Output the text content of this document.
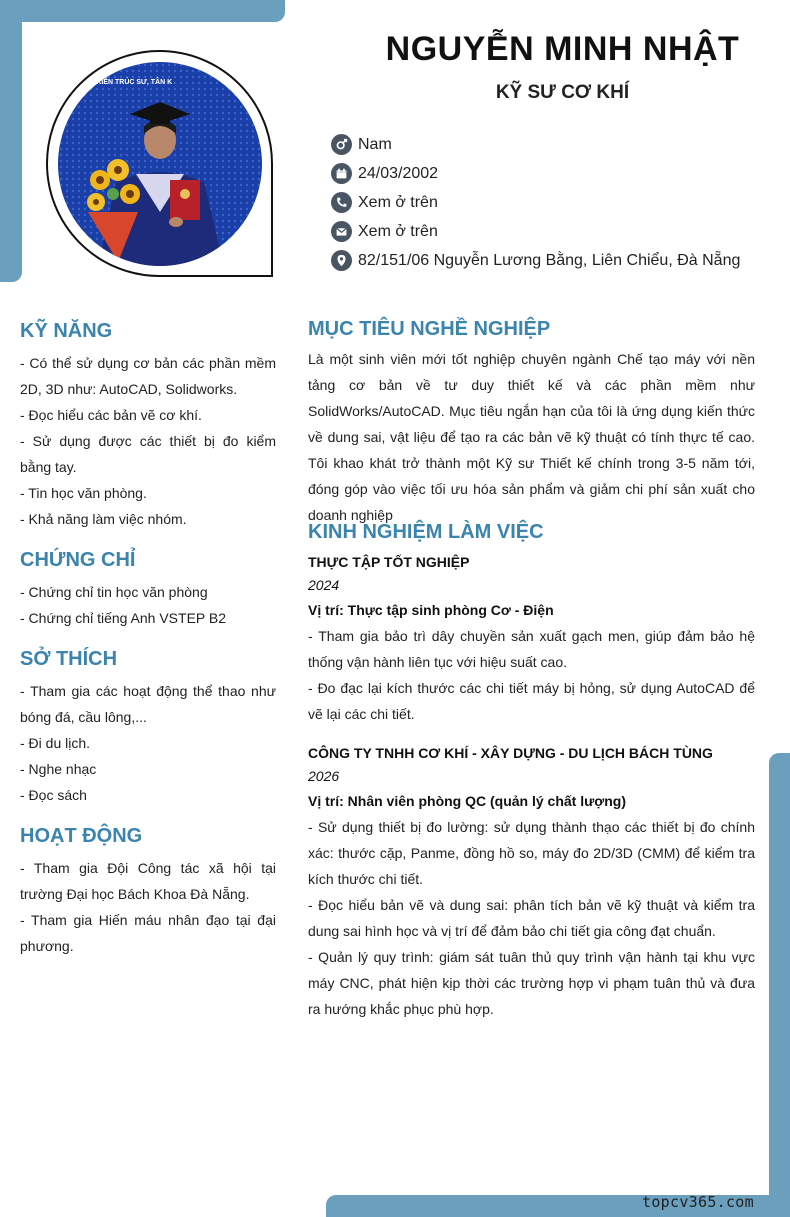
TÂN KIẾN TRÚC SƯ, TÂN K
NGUYỄN MINH NHẬT
KỸ SƯ CƠ KHÍ
Nam
24/03/2002
Xem ở trên
Xem ở trên
82/151/06 Nguyễn Lương Bằng, Liên Chiểu, Đà Nẵng
KỸ NĂNG

- Có thể sử dụng cơ bản các phần mềm 2D, 3D như: AutoCAD, Solidworks.

- Đọc hiểu các bản vẽ cơ khí.

- Sử dụng được các thiết bị đo kiểm bằng tay.

- Tin học văn phòng.

- Khả năng làm việc nhóm.

CHỨNG CHỈ

- Chứng chỉ tin học văn phòng

- Chứng chỉ tiếng Anh VSTEP B2

SỞ THÍCH

- Tham gia các hoạt động thể thao như bóng đá, cầu lông,...

- Đi du lịch.

- Nghe nhạc

- Đọc sách

HOẠT ĐỘNG

- Tham gia Đội Công tác xã hội tại trường Đại học Bách Khoa Đà Nẵng.

- Tham gia Hiến máu nhân đạo tại đại phương.

MỤC TIÊU NGHỀ NGHIỆP

Là một sinh viên mới tốt nghiệp chuyên ngành Chế tạo máy với nền tảng cơ bản về tư duy thiết kế và các phần mềm như SolidWorks/AutoCAD. Mục tiêu ngắn hạn của tôi là ứng dụng kiến thức về dung sai, vật liệu để tạo ra các bản vẽ kỹ thuật có tính thực tế cao. Tôi khao khát trở thành một Kỹ sư Thiết kế chính trong 3-5 năm tới, đóng góp vào việc tối ưu hóa sản phẩm và giảm chi phí sản xuất cho doanh nghiệp

KINH NGHIỆM LÀM VIỆC
THỰC TẬP TỐT NGHIỆP
2024
Vị trí: Thực tập sinh phòng Cơ - Điện

- Tham gia bảo trì dây chuyền sản xuất gạch men, giúp đảm bảo hệ thống vận hành liên tục với hiệu suất cao.

- Đo đạc lại kích thước các chi tiết máy bị hỏng, sử dụng AutoCAD để vẽ lại các chi tiết.

CÔNG TY TNHH CƠ KHÍ - XÂY DỰNG - DU LỊCH BÁCH TÙNG
2026
Vị trí: Nhân viên phòng QC (quản lý chất lượng)

- Sử dụng thiết bị đo lường: sử dụng thành thạo các thiết bị đo chính xác: thước cặp, Panme, đồng hồ so, máy đo 2D/3D (CMM) để kiểm tra kích thước chi tiết.

- Đọc hiểu bản vẽ và dung sai: phân tích bản vẽ kỹ thuật và kiểm tra dung sai hình học và vị trí để đảm bảo chi tiết gia công đạt chuẩn.

- Quản lý quy trình: giám sát tuân thủ quy trình vận hành tại khu vực máy CNC, phát hiện kịp thời các trường hợp vi phạm tuân thủ và đưa ra hướng khắc phục phù hợp.

topcv365.com
